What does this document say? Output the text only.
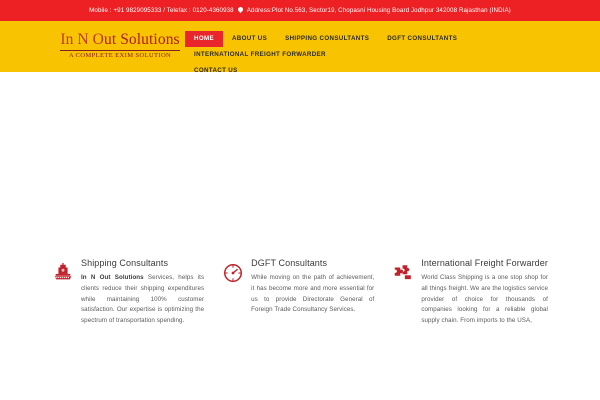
Mobile : +91 9829095333 / Telefax : 0120-4360938 Address:Plot No.563, Sector19, Chopasni Housing Board Jodhpur 342008 Rajasthan (INDIA)
In N Out Solutions
A COMPLETE EXIM SOLUTION
HOME	ABOUT US	SHIPPING CONSULTANTS	DGFT CONSULTANTS
INTERNATIONAL FREIGHT FORWARDER
CONTACT US
Shipping Consultants

In N Out Solutions Services, helps its clients reduce their shipping expenditures while maintaining 100% customer satisfaction. Our expertise is optimizing the spectrum of transportation spending.

DGFT Consultants

While moving on the path of achievement, it has become more and more essential for us to provide Directorate General of Foreign Trade Consultancy Services.

International Freight Forwarder

World Class Shipping is a one stop shop for all things freight. We are the logistics service provider of choice for thousands of companies looking for a reliable global supply chain. From imports to the USA,
